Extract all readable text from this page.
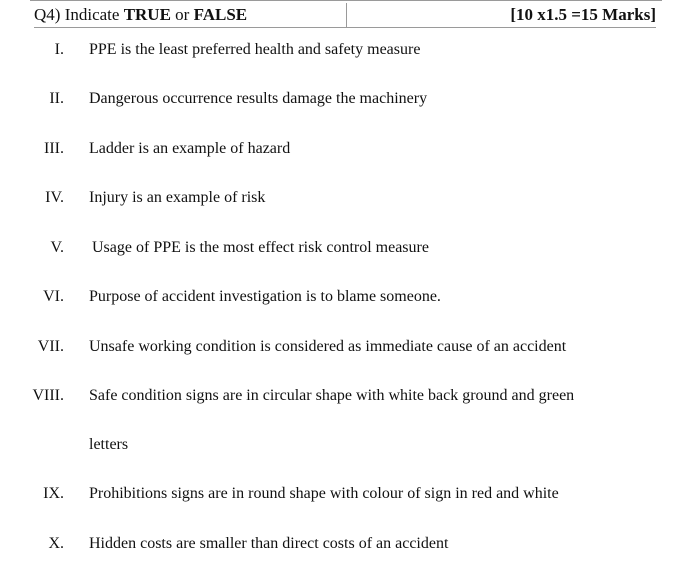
Q4) Indicate TRUE or FALSE	[10 x1.5 =15 Marks]
I. PPE is the least preferred health and safety measure
II. Dangerous occurrence results damage the machinery
III. Ladder is an example of hazard
IV. Injury is an example of risk
V. Usage of PPE is the most effect risk control measure
VI. Purpose of accident investigation is to blame someone.
VII. Unsafe working condition is considered as immediate cause of an accident
VIII. Safe condition signs are in circular shape with white back ground and green
letters
IX. Prohibitions signs are in round shape with colour of sign in red and white
X. Hidden costs are smaller than direct costs of an accident
